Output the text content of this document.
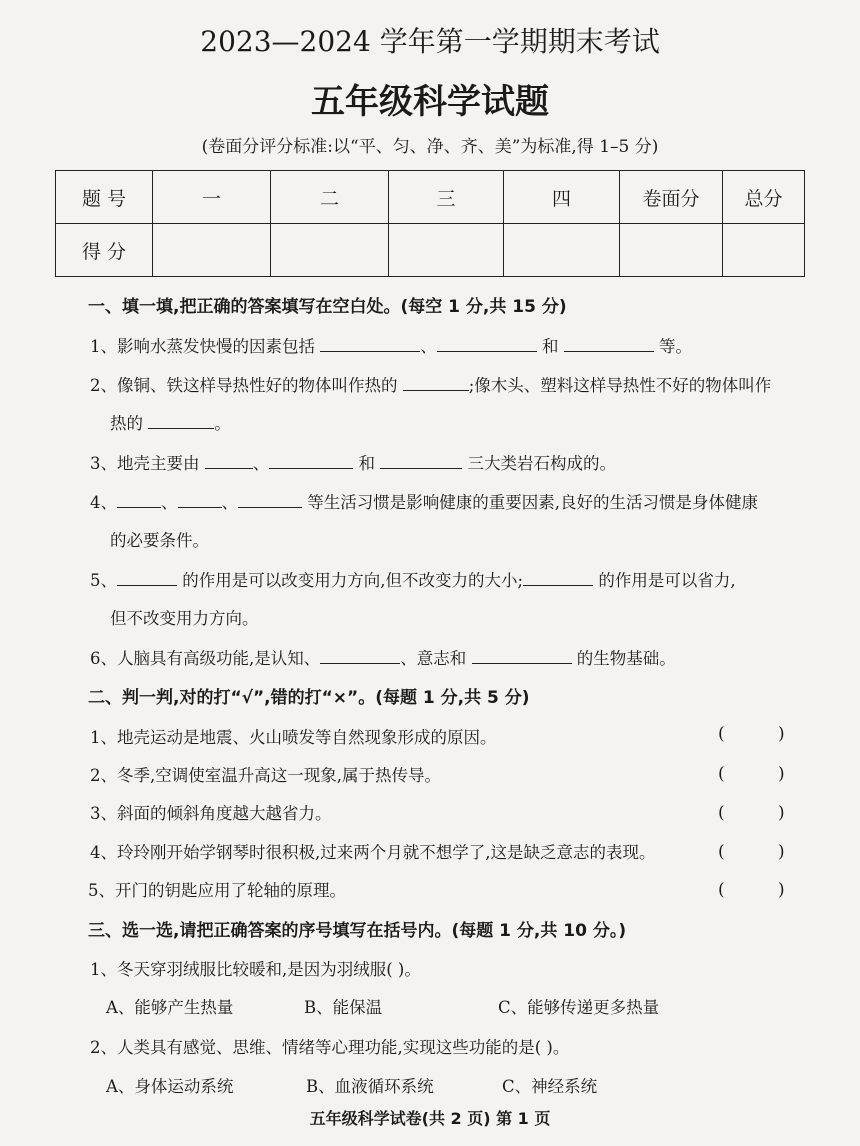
2023—2024 学年第一学期期末考试
五年级科学试题
(卷面分评分标准:以“平、匀、净、齐、美”为标准,得 1–5 分)
题 号	一	二	三	四	卷面分	总分
得 分						
一、填一填,把正确的答案填写在空白处。(每空 1 分,共 15 分)
1、影响水蒸发快慢的因素包括	、	和	等。
2、像铜、铁这样导热性好的物体叫作热的	;像木头、塑料这样导热性不好的物体叫作
热的	。
3、地壳主要由	、	和	三大类岩石构成的。
4、	、	、	等生活习惯是影响健康的重要因素,良好的生活习惯是身体健康
的必要条件。
5、	的作用是可以改变用力方向,但不改变力的大小;	的作用是可以省力,
但不改变用力方向。
6、人脑具有高级功能,是认知、	、意志和	的生物基础。
二、判一判,对的打“√”,错的打“×”。(每题 1 分,共 5 分)
1、地壳运动是地震、火山喷发等自然现象形成的原因。	(	)
2、冬季,空调使室温升高这一现象,属于热传导。	(	)
3、斜面的倾斜角度越大越省力。	(	)
4、玲玲刚开始学钢琴时很积极,过来两个月就不想学了,这是缺乏意志的表现。	(	)
5、开门的钥匙应用了轮轴的原理。	(	)
三、选一选,请把正确答案的序号填写在括号内。(每题 1 分,共 10 分。)
1、冬天穿羽绒服比较暖和,是因为羽绒服( )。
A、能够产生热量	B、能保温	C、能够传递更多热量
2、人类具有感觉、思维、情绪等心理功能,实现这些功能的是( )。
A、身体运动系统	B、血液循环系统	C、神经系统
五年级科学试卷(共 2 页) 第 1 页
